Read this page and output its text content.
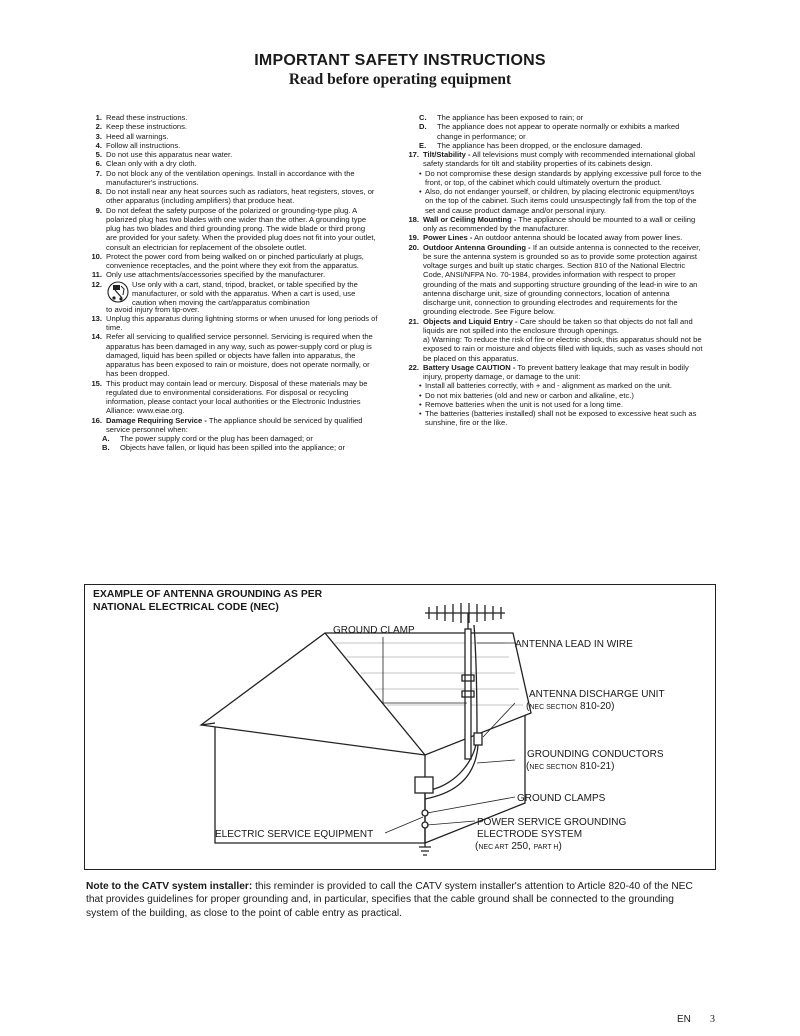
IMPORTANT SAFETY INSTRUCTIONS
Read before operating equipment
1. Read these instructions.
2. Keep these instructions.
3. Heed all warnings.
4. Follow all instructions.
5. Do not use this apparatus near water.
6. Clean only with a dry cloth.
7. Do not block any of the ventilation openings. Install in accordance with the manufacturer's instructions.
8. Do not install near any heat sources such as radiators, heat registers, stoves, or other apparatus (including amplifiers) that produce heat.
9. Do not defeat the safety purpose of the polarized or grounding-type plug. A polarized plug has two blades with one wider than the other. A grounding type plug has two blades and third grounding prong. The wide blade or third prong are provided for your safety. When the provided plug does not fit into your outlet, consult an electrician for replacement of the obsolete outlet.
10. Protect the power cord from being walked on or pinched particularly at plugs, convenience receptacles, and the point where they exit from the apparatus.
11. Only use attachments/accessories specified by the manufacturer.
12.	Use only with a cart, stand, tripod, bracket, or table specified by the manufacturer, or sold with the apparatus. When a cart is used, use caution when moving the cart/apparatus combination
to avoid injury from tip-over.
13. Unplug this apparatus during lightning storms or when unused for long periods of time.
14. Refer all servicing to qualified service personnel. Servicing is required when the apparatus has been damaged in any way, such as power-supply cord or plug is damaged, liquid has been spilled or objects have fallen into apparatus, the apparatus has been exposed to rain or moisture, does not operate normally, or has been dropped.
15. This product may contain lead or mercury. Disposal of these materials may be regulated due to environmental considerations. For disposal or recycling information, please contact your local authorities or the Electronic Industries Alliance: www.eiae.org.
16. Damage Requiring Service - The appliance should be serviced by qualified service personnel when:
A.	The power supply cord or the plug has been damaged; or
B.	Objects have fallen, or liquid has been spilled into the appliance; or
C.	The appliance has been exposed to rain; or
D.	The appliance does not appear to operate normally or exhibits a marked change in performance; or
E.	The appliance has been dropped, or the enclosure damaged.
17. Tilt/Stability - All televisions must comply with recommended international global safety standards for tilt and stability properties of its cabinets design.
• Do not compromise these design standards by applying excessive pull force to the front, or top, of the cabinet which could ultimately overturn the product.
• Also, do not endanger yourself, or children, by placing electronic equipment/toys on the top of the cabinet. Such items could unsuspectingly fall from the top of the set and cause product damage and/or personal injury.
18. Wall or Ceiling Mounting - The appliance should be mounted to a wall or ceiling only as recommended by the manufacturer.
19. Power Lines - An outdoor antenna should be located away from power lines.
20. Outdoor Antenna Grounding - If an outside antenna is connected to the receiver, be sure the antenna system is grounded so as to provide some protection against voltage surges and built up static charges. Section 810 of the National Electric Code, ANSI/NFPA No. 70-1984, provides information with respect to proper grounding of the mats and supporting structure grounding of the lead-in wire to an antenna discharge unit, size of grounding connectors, location of antenna discharge unit, connection to grounding electrodes and requirements for the grounding electrode. See Figure below.
21. Objects and Liquid Entry - Care should be taken so that objects do not fall and liquids are not spilled into the enclosure through openings.
a) Warning: To reduce the risk of fire or electric shock, this apparatus should not be exposed to rain or moisture and objects filled with liquids, such as vases should not be placed on this apparatus.
22. Battery Usage CAUTION - To prevent battery leakage that may result in bodily injury, property damage, or damage to the unit:
• Install all batteries correctly, with + and - alignment as marked on the unit.
• Do not mix batteries (old and new or carbon and alkaline, etc.)
• Remove batteries when the unit is not used for a long time.
• The batteries (batteries installed) shall not be exposed to excessive heat such as sunshine, fire or the like.
EXAMPLE OF ANTENNA GROUNDING AS PER
NATIONAL ELECTRICAL CODE (NEC)
GROUND CLAMP
ANTENNA LEAD IN WIRE
ANTENNA DISCHARGE UNIT
(NEC SECTION 810-20)
GROUNDING CONDUCTORS
(NEC SECTION 810-21)
GROUND CLAMPS
ELECTRIC SERVICE EQUIPMENT
POWER SERVICE GROUNDING
ELECTRODE SYSTEM
(NEC ART 250, PART H)
Note to the CATV system installer: this reminder is provided to call the CATV system installer's attention to Article 820-40 of the NEC that provides guidelines for proper grounding and, in particular, specifies that the cable ground shall be connected to the grounding system of the building, as close to the point of cable entry as practical.
EN 3
